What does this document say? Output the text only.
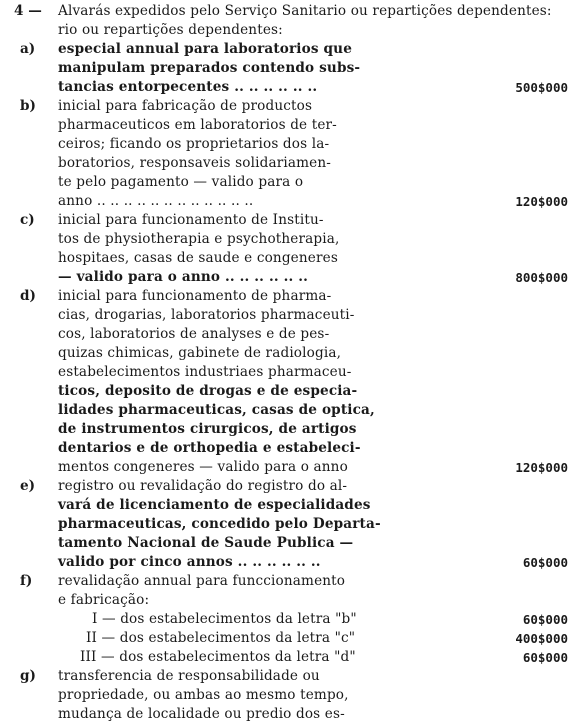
4 — Alvarás expedidos pelo Serviço Sanitario ou repartições dependentes:
rio ou repartições dependentes:
a) especial annual para laboratorios que
manipulam preparados contendo subs-
tancias entorpecentes .. .. .. .. .. ..	500$000
b) inicial para fabricação de productos
pharmaceuticos em laboratorios de ter-
ceiros; ficando os proprietarios dos la-
boratorios, responsaveis solidariamen-
te pelo pagamento — valido para o
anno .. .. .. .. .. .. .. .. .. .. .. ..	120$000
c) inicial para funcionamento de Institu-
tos de physiotherapia e psychotherapia,
hospitaes, casas de saude e congeneres
— valido para o anno .. .. .. .. .. ..	800$000
d) inicial para funcionamento de pharma-
cias, drogarias, laboratorios pharmaceuti-
cos, laboratorios de analyses e de pes-
quizas chimicas, gabinete de radiologia,
estabelecimentos industriaes pharmaceu-
ticos, deposito de drogas e de especia-
lidades pharmaceuticas, casas de optica,
de instrumentos cirurgicos, de artigos
dentarios e de orthopedia e estabeleci-
mentos congeneres — valido para o anno	120$000
e) registro ou revalidação do registro do al-
vará de licenciamento de especialidades
pharmaceuticas, concedido pelo Departa-
tamento Nacional de Saude Publica —
valido por cinco annos .. .. .. .. .. ..	60$000
f) revalidação annual para funccionamento
e fabricação:
I — dos estabelecimentos da letra "b"	60$000
II — dos estabelecimentos da letra "c"	400$000
III — dos estabelecimentos da letra "d"	60$000
g) transferencia de responsabilidade ou
propriedade, ou ambas ao mesmo tempo,
mudança de localidade ou predio dos es-
